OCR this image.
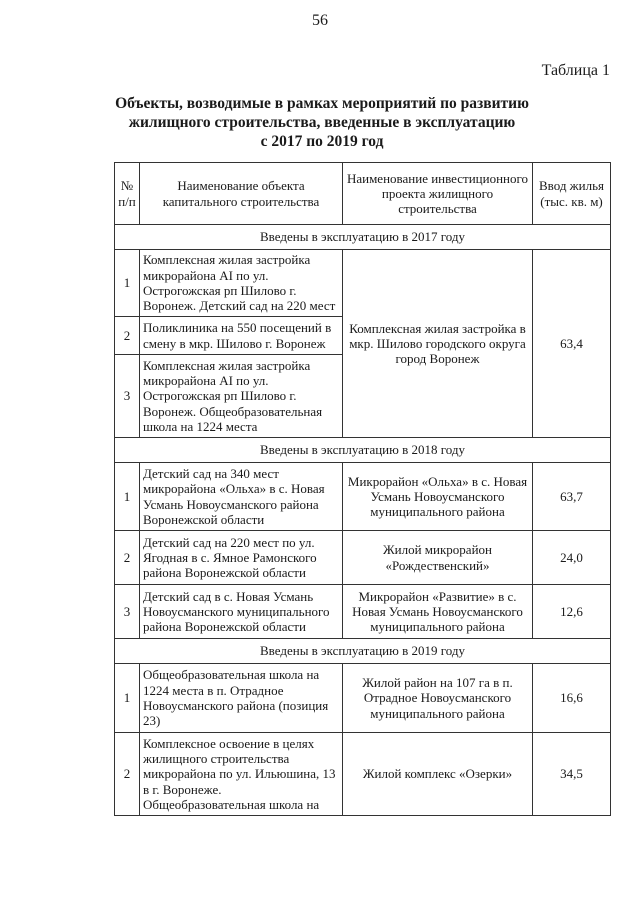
56
Таблица 1
Объекты, возводимые в рамках мероприятий по развитию
жилищного строительства, введенные в эксплуатацию
с 2017 по 2019 год
№ п/п	Наименование объекта капитального строительства	Наименование инвестиционного проекта жилищного строительства	Ввод жилья (тыс. кв. м)
Введены в эксплуатацию в 2017 году			
1	Комплексная жилая застройка микрорайона АI по ул. Острогожская рп Шилово г. Воронеж. Детский сад на 220 мест	Комплексная жилая застройка в мкр. Шилово городского округа город Воронеж	63,4
2	Поликлиника на 550 посещений в смену в мкр. Шилово г. Воронеж		
3	Комплексная жилая застройка микрорайона АI по ул. Острогожская рп Шилово г. Воронеж. Общеобразовательная школа на 1224 места		
Введены в эксплуатацию в 2018 году			
1	Детский сад на 340 мест микрорайона «Ольха» в с. Новая Усмань Новоусманского района Воронежской области	Микрорайон «Ольха» в с. Новая Усмань Новоусманского муниципального района	63,7
2	Детский сад на 220 мест по ул. Ягодная в с. Ямное Рамонского района Воронежской области	Жилой микрорайон «Рождественский»	24,0
3	Детский сад в с. Новая Усмань Новоусманского муниципального района Воронежской области	Микрорайон «Развитие» в с. Новая Усмань Новоусманского муниципального района	12,6
Введены в эксплуатацию в 2019 году			
1	Общеобразовательная школа на 1224 места в п. Отрадное Новоусманского района (позиция 23)	Жилой район на 107 га в п. Отрадное Новоусманского муниципального района	16,6
2	Комплексное освоение в целях жилищного строительства микрорайона по ул. Ильюшина, 13 в г. Воронеже. Общеобразовательная школа на	Жилой комплекс «Озерки»	34,5
